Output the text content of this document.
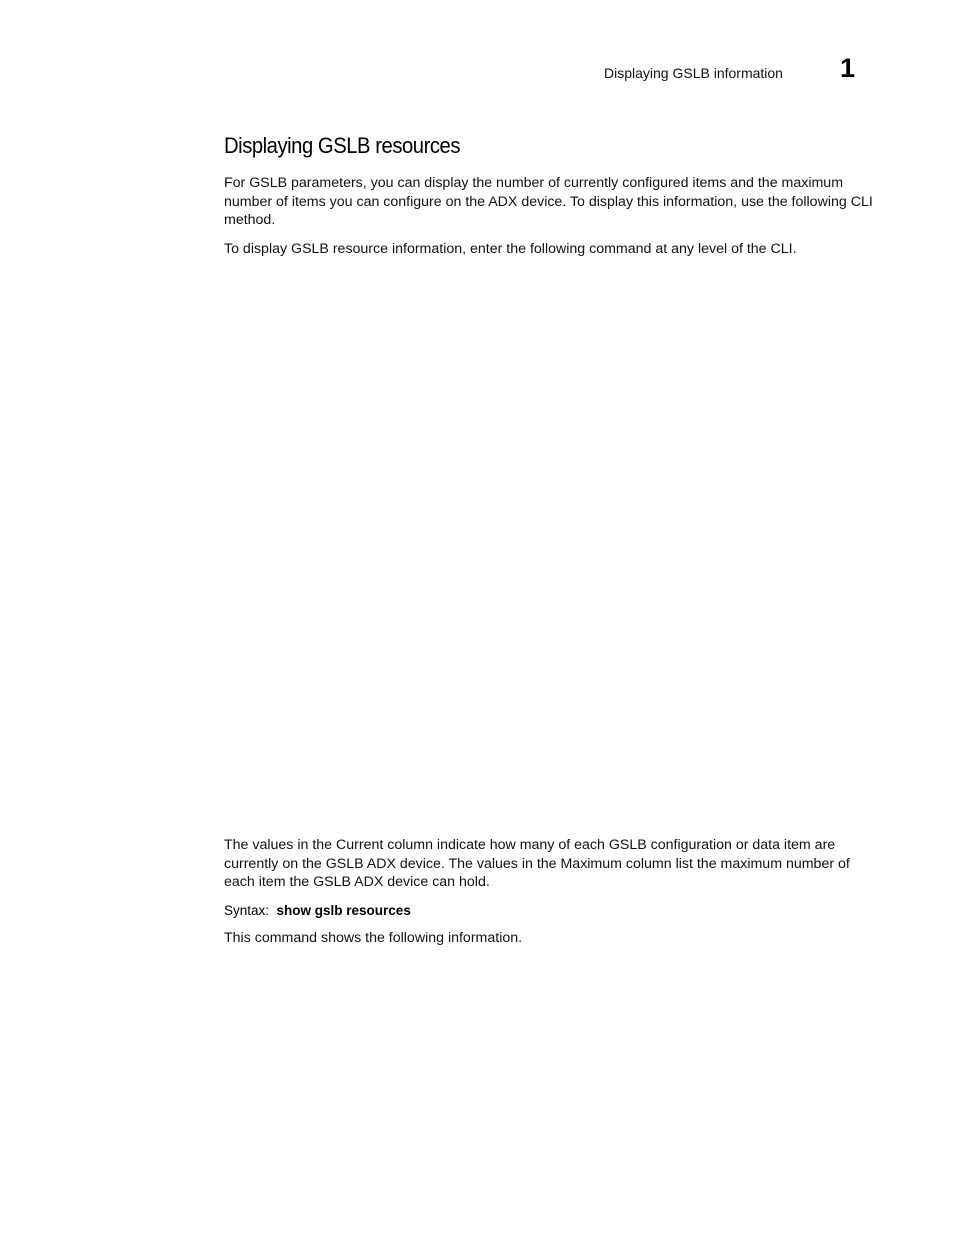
Displaying GSLB information 1
Displaying GSLB resources

For GSLB parameters, you can display the number of currently configured items and the maximum number of items you can configure on the ADX device. To display this information, use the following CLI method.

To display GSLB resource information, enter the following command at any level of the CLI.

The values in the Current column indicate how many of each GSLB configuration or data item are currently on the GSLB ADX device. The values in the Maximum column list the maximum number of each item the GSLB ADX device can hold.

Syntax:  show gslb resources

This command shows the following information.
